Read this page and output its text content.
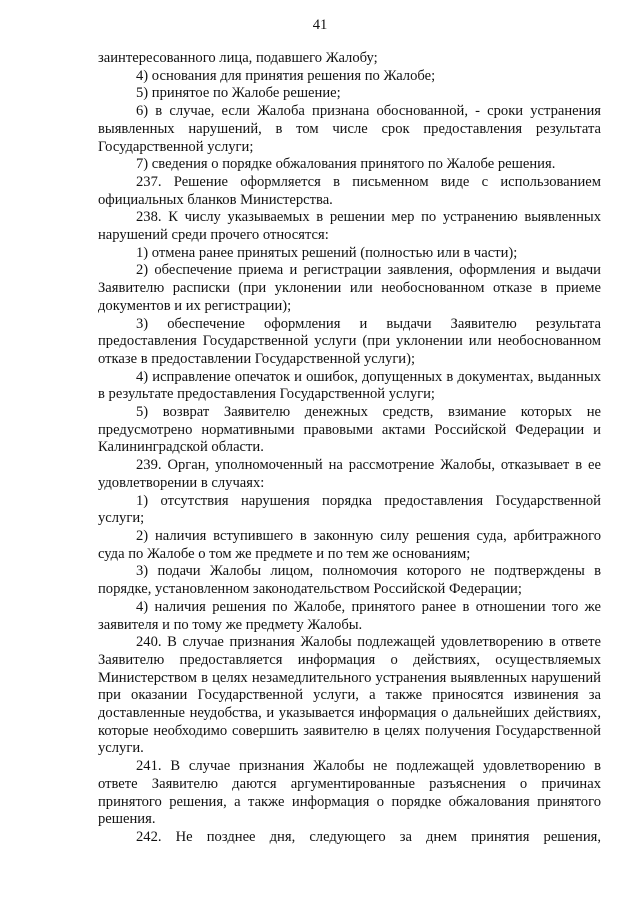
41

заинтересованного лица, подавшего Жалобу;

4) основания для принятия решения по Жалобе;

5) принятое по Жалобе решение;

6) в случае, если Жалоба признана обоснованной, - сроки устранения выявленных нарушений, в том числе срок предоставления результата Государственной услуги;

7) сведения о порядке обжалования принятого по Жалобе решения.

237. Решение оформляется в письменном виде с использованием официальных бланков Министерства.

238. К числу указываемых в решении мер по устранению выявленных нарушений среди прочего относятся:

1) отмена ранее принятых решений (полностью или в части);

2) обеспечение приема и регистрации заявления, оформления и выдачи Заявителю расписки (при уклонении или необоснованном отказе в приеме документов и их регистрации);

3) обеспечение оформления и выдачи Заявителю результата предоставления Государственной услуги (при уклонении или необоснованном отказе в предоставлении Государственной услуги);

4) исправление опечаток и ошибок, допущенных в документах, выданных в результате предоставления Государственной услуги;

5) возврат Заявителю денежных средств, взимание которых не предусмотрено нормативными правовыми актами Российской Федерации и Калининградской области.

239. Орган, уполномоченный на рассмотрение Жалобы, отказывает в ее удовлетворении в случаях:

1) отсутствия нарушения порядка предоставления Государственной услуги;

2) наличия вступившего в законную силу решения суда, арбитражного суда по Жалобе о том же предмете и по тем же основаниям;

3) подачи Жалобы лицом, полномочия которого не подтверждены в порядке, установленном законодательством Российской Федерации;

4) наличия решения по Жалобе, принятого ранее в отношении того же заявителя и по тому же предмету Жалобы.

240. В случае признания Жалобы подлежащей удовлетворению в ответе Заявителю предоставляется информация о действиях, осуществляемых Министерством в целях незамедлительного устранения выявленных нарушений при оказании Государственной услуги, а также приносятся извинения за доставленные неудобства, и указывается информация о дальнейших действиях, которые необходимо совершить заявителю в целях получения Государственной услуги.

241. В случае признания Жалобы не подлежащей удовлетворению в ответе Заявителю даются аргументированные разъяснения о причинах принятого решения, а также информация о порядке обжалования принятого решения.

242. Не позднее дня, следующего за днем принятия решения,
